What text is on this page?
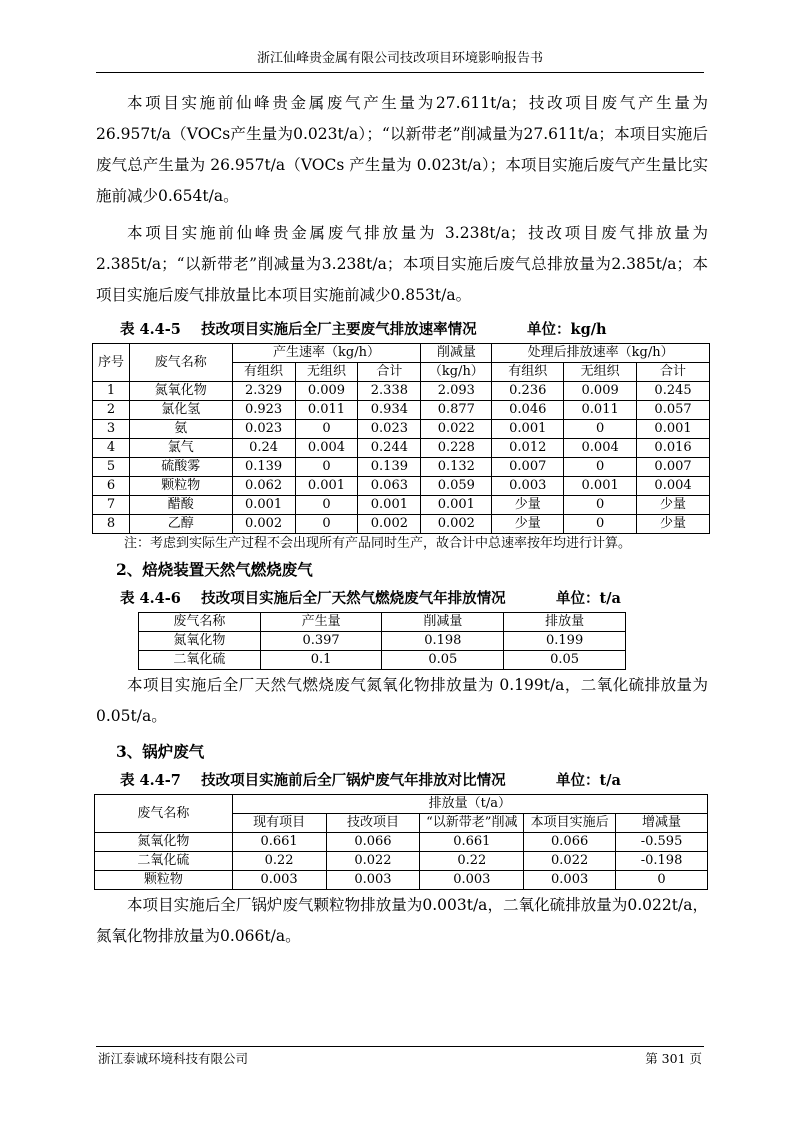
浙江仙峰贵金属有限公司技改项目环境影响报告书

本项目实施前仙峰贵金属废气产生量为27.611t/a；技改项目废气产生量为26.957t/a（VOCs产生量为0.023t/a）；“以新带老”削减量为27.611t/a；本项目实施后废气总产生量为 26.957t/a（VOCs 产生量为 0.023t/a）；本项目实施后废气产生量比实施前减少0.654t/a。

本项目实施前仙峰贵金属废气排放量为 3.238t/a；技改项目废气排放量为 2.385t/a；“以新带老”削减量为3.238t/a；本项目实施后废气总排放量为2.385t/a；本项目实施后废气排放量比本项目实施前减少0.853t/a。

表 4.4-5    技改项目实施后全厂主要废气排放速率情况          单位：kg/h
序号	废气名称	产生速率（kg/h）			削减量	处理后排放速率（kg/h）		
		有组织	无组织	合计	（kg/h）	有组织	无组织	合计
1	氮氧化物	2.329	0.009	2.338	2.093	0.236	0.009	0.245
2	氯化氢	0.923	0.011	0.934	0.877	0.046	0.011	0.057
3	氨	0.023	0	0.023	0.022	0.001	0	0.001
4	氯气	0.24	0.004	0.244	0.228	0.012	0.004	0.016
5	硫酸雾	0.139	0	0.139	0.132	0.007	0	0.007
6	颗粒物	0.062	0.001	0.063	0.059	0.003	0.001	0.004
7	醋酸	0.001	0	0.001	0.001	少量	0	少量
8	乙醇	0.002	0	0.002	0.002	少量	0	少量
注：考虑到实际生产过程不会出现所有产品同时生产，故合计中总速率按年均进行计算。
2、焙烧装置天然气燃烧废气
表 4.4-6    技改项目实施后全厂天然气燃烧废气年排放情况          单位：t/a
废气名称	产生量	削减量	排放量
氮氧化物	0.397	0.198	0.199
二氧化硫	0.1	0.05	0.05

本项目实施后全厂天然气燃烧废气氮氧化物排放量为 0.199t/a，二氧化硫排放量为0.05t/a。

3、锅炉废气
表 4.4-7    技改项目实施前后全厂锅炉废气年排放对比情况          单位：t/a
废气名称	排放量（t/a）				
	现有项目	技改项目	“以新带老”削减	本项目实施后	增减量
氮氧化物	0.661	0.066	0.661	0.066	-0.595
二氧化硫	0.22	0.022	0.22	0.022	-0.198
颗粒物	0.003	0.003	0.003	0.003	0

本项目实施后全厂锅炉废气颗粒物排放量为0.003t/a，二氧化硫排放量为0.022t/a，氮氧化物排放量为0.066t/a。

浙江泰诚环境科技有限公司	第 301 页
